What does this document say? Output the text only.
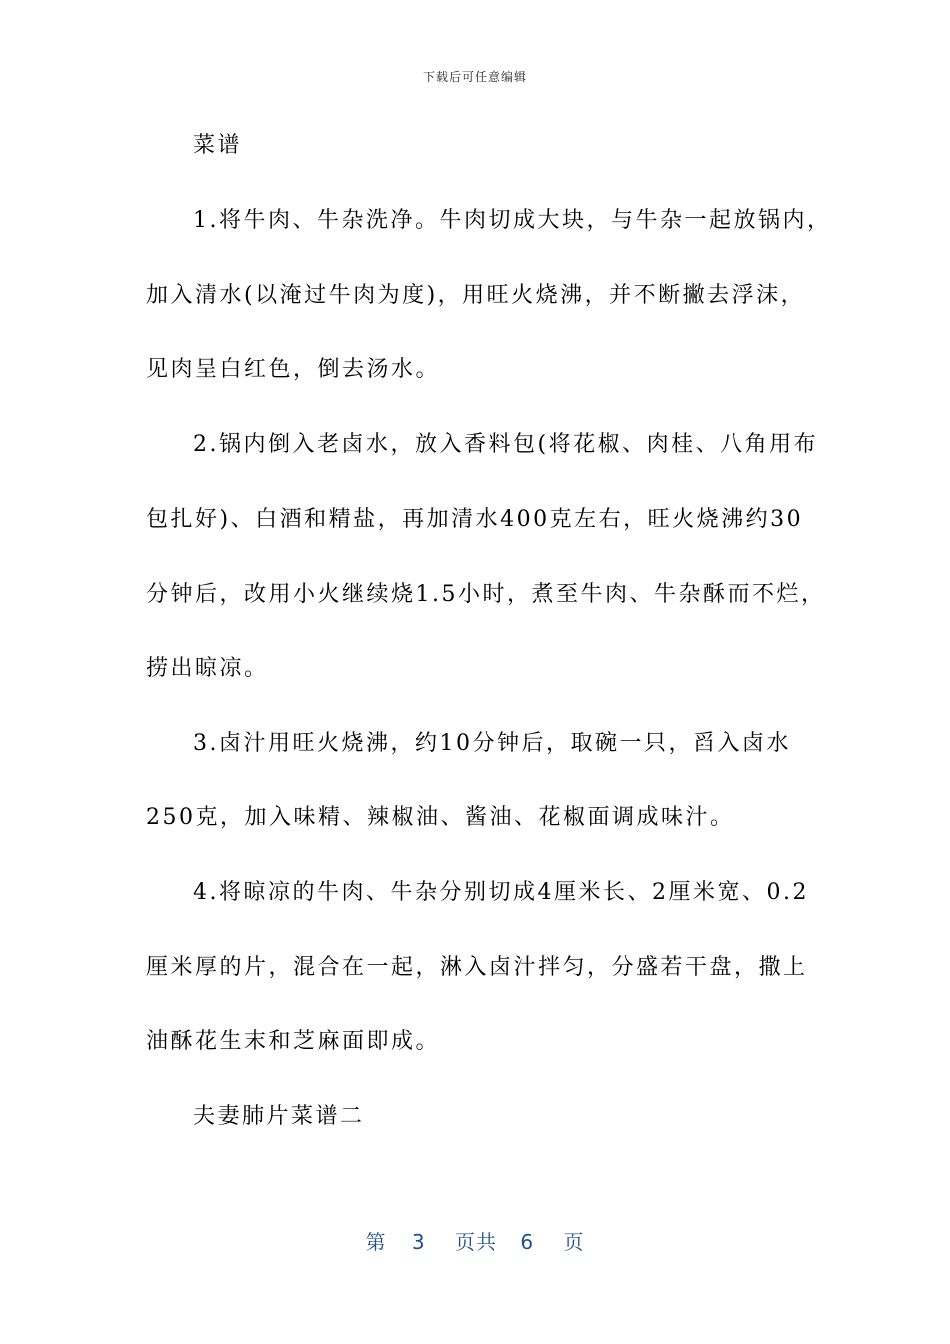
下载后可任意编辑
菜谱
1.将牛肉、牛杂洗净。牛肉切成大块，与牛杂一起放锅内，
加入清水(以淹过牛肉为度)，用旺火烧沸，并不断撇去浮沫，
见肉呈白红色，倒去汤水。
2.锅内倒入老卤水，放入香料包(将花椒、肉桂、八角用布
包扎好)、白酒和精盐，再加清水400克左右，旺火烧沸约30
分钟后，改用小火继续烧1.5小时，煮至牛肉、牛杂酥而不烂，
捞出晾凉。
3.卤汁用旺火烧沸，约10分钟后，取碗一只，舀入卤水
250克，加入味精、辣椒油、酱油、花椒面调成味汁。
4.将晾凉的牛肉、牛杂分别切成4厘米长、2厘米宽、0.2
厘米厚的片，混合在一起，淋入卤汁拌匀，分盛若干盘，撒上
油酥花生末和芝麻面即成。
夫妻肺片菜谱二
第 3 页共 6 页
